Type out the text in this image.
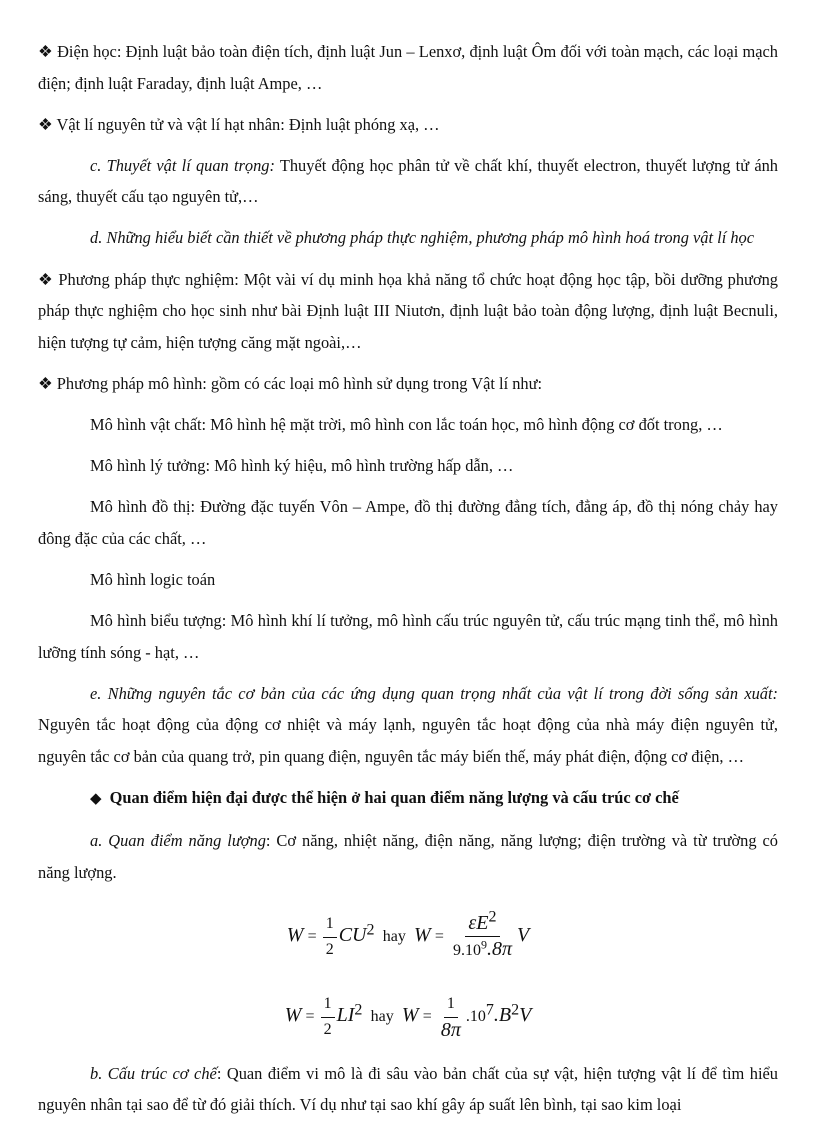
❖ Điện học: Định luật bảo toàn điện tích, định luật Jun – Lenxơ, định luật Ôm đối với toàn mạch, các loại mạch điện; định luật Faraday, định luật Ampe, …

❖ Vật lí nguyên tử và vật lí hạt nhân: Định luật phóng xạ, …

c. Thuyết vật lí quan trọng: Thuyết động học phân tử về chất khí, thuyết electron, thuyết lượng tử ánh sáng, thuyết cấu tạo nguyên tử,…

d. Những hiểu biết cần thiết về phương pháp thực nghiệm, phương pháp mô hình hoá trong vật lí học

❖ Phương pháp thực nghiệm: Một vài ví dụ minh họa khả năng tổ chức hoạt động học tập, bồi dưỡng phương pháp thực nghiệm cho học sinh như bài Định luật III Niutơn, định luật bảo toàn động lượng, định luật Becnuli, hiện tượng tự cảm, hiện tượng căng mặt ngoài,…

❖ Phương pháp mô hình: gồm có các loại mô hình sử dụng trong Vật lí như:

Mô hình vật chất: Mô hình hệ mặt trời, mô hình con lắc toán học, mô hình động cơ đốt trong, …

Mô hình lý tưởng: Mô hình ký hiệu, mô hình trường hấp dẫn, …

Mô hình đồ thị: Đường đặc tuyến Vôn – Ampe, đồ thị đường đẳng tích, đẳng áp, đồ thị nóng chảy hay đông đặc của các chất, …

Mô hình logic toán

Mô hình biểu tượng: Mô hình khí lí tưởng, mô hình cấu trúc nguyên tử, cấu trúc mạng tinh thể, mô hình lưỡng tính sóng - hạt, …

e. Những nguyên tắc cơ bản của các ứng dụng quan trọng nhất của vật lí trong đời sống sản xuất: Nguyên tắc hoạt động của động cơ nhiệt và máy lạnh, nguyên tắc hoạt động của nhà máy điện nguyên tử, nguyên tắc cơ bản của quang trở, pin quang điện, nguyên tắc máy biến thế, máy phát điện, động cơ điện, …

◆ Quan điểm hiện đại được thể hiện ở hai quan điểm năng lượng và cấu trúc cơ chế

a. Quan điểm năng lượng: Cơ năng, nhiệt năng, điện năng, năng lượng; điện trường và từ trường có năng lượng.

$W = \frac{1}{2} CU^2$ hay $W = \frac{\varepsilon E^2}{9.10^9.8\pi}$ V
$W = \frac{1}{2} LI^2$ hay $W = \frac{1}{8\pi} .10^7.B^2V$

b. Cấu trúc cơ chế: Quan điểm vi mô là đi sâu vào bản chất của sự vật, hiện tượng vật lí để tìm hiểu nguyên nhân tại sao để từ đó giải thích. Ví dụ như tại sao khí gây áp suất lên bình, tại sao kim loại
